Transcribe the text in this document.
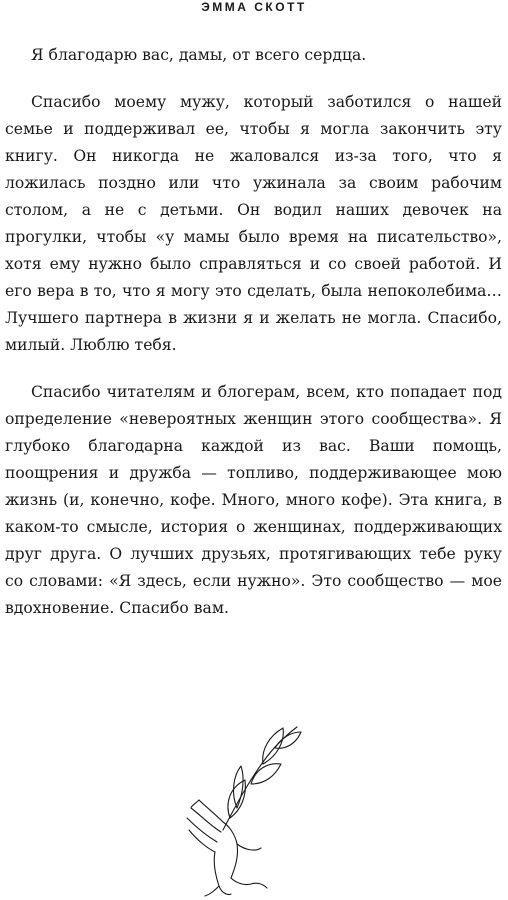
ЭММА СКОТТ

Я благодарю вас, дамы, от всего сердца.

Спасибо моему мужу, который заботился о нашей семье и поддерживал ее, чтобы я могла закончить эту книгу. Он никогда не жаловался из-за того, что я ложилась поздно или что ужинала за своим рабочим столом, а не с детьми. Он водил наших девочек на прогулки, чтобы «у мамы было время на писательство», хотя ему нужно было справляться и со своей работой. И его вера в то, что я могу это сделать, была непоколебима… Лучшего партнера в жизни я и желать не могла. Спасибо, милый. Люблю тебя.

Спасибо читателям и блогерам, всем, кто попадает под определение «невероятных женщин этого сообщества». Я глубоко благодарна каждой из вас. Ваши помощь, поощрения и дружба — топливо, поддерживающее мою жизнь (и, конечно, кофе. Много, много кофе). Эта книга, в каком-то смысле, история о женщинах, поддерживающих друг друга. О лучших друзьях, протягивающих тебе руку со словами: «Я здесь, если нужно». Это сообщество — мое вдохновение. Спасибо вам.
